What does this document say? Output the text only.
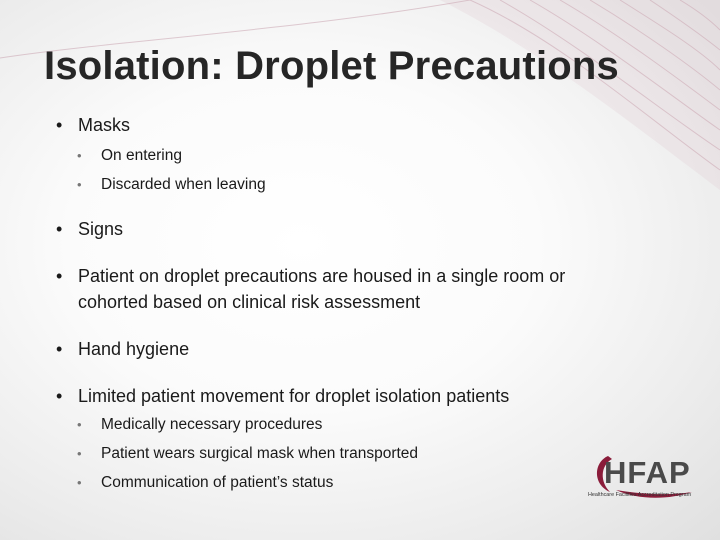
Isolation: Droplet Precautions
• Masks
• On entering
• Discarded when leaving
• Signs
• Patient on droplet precautions are housed in a single room or
cohorted based on clinical risk assessment
• Hand hygiene
• Limited patient movement for droplet isolation patients
• Medically necessary procedures
• Patient wears surgical mask when transported
• Communication of patient’s status	HFAP
Healthcare Facilities Accreditation Program
